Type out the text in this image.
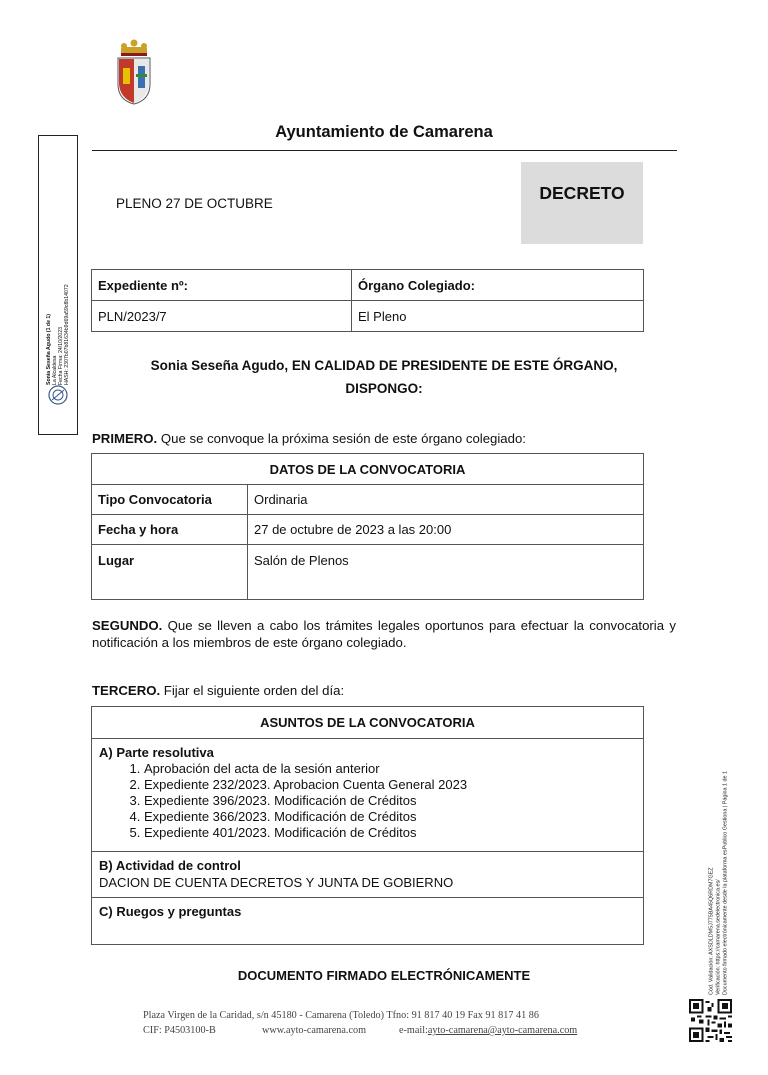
Sonia Seseña Agudo (1 de 1) La Alcaldesa Fecha Firma: 24/10/2023 HASH: 2307b07b81634b9d69a59c8b14072
Ayuntamiento de Camarena
PLENO 27 DE OCTUBRE
DECRETO
Expediente nº:	Órgano Colegiado:
PLN/2023/7	El Pleno
Sonia Seseña Agudo, EN CALIDAD DE PRESIDENTE DE ESTE ÓRGANO,
DISPONGO:
PRIMERO. Que se convoque la próxima sesión de este órgano colegiado:
DATOS DE LA CONVOCATORIA	
Tipo Convocatoria	Ordinaria
Fecha y hora	27 de octubre de 2023 a las 20:00
Lugar	Salón de Plenos
SEGUNDO. Que se lleven a cabo los trámites legales oportunos para efectuar la convocatoria y notificación a los miembros de este órgano colegiado.
TERCERO. Fijar el siguiente orden del día:
ASUNTOS DE LA CONVOCATORIA
A) Parte resolutiva
1. Aprobación del acta de la sesión anterior
2. Expediente 232/2023. Aprobacion Cuenta General 2023
3. Expediente 396/2023. Modificación de Créditos
4. Expediente 366/2023. Modificación de Créditos
5. Expediente 401/2023. Modificación de Créditos
B) Actividad de control
DACION DE CUENTA DECRETOS Y JUNTA DE GOBIERNO
C) Ruegos y preguntas
DOCUMENTO FIRMADO ELECTRÓNICAMENTE
Plaza Virgen de la Caridad, s/n 45180 - Camarena (Toledo) Tfno: 91 817 40 19 Fax 91 817 41 86
CIF: P4503100-B	www.ayto-camarena.com	e-mail:ayto-camarena@ayto-camarena.com
Cód. Validación: AXSDLDM5J775BA45Q6RDM7GEZ Verificación: https://camarena.sedelectronica.es/ Documento firmado electrónicamente desde la plataforma esPublico Gestiona | Página 1 de 1
